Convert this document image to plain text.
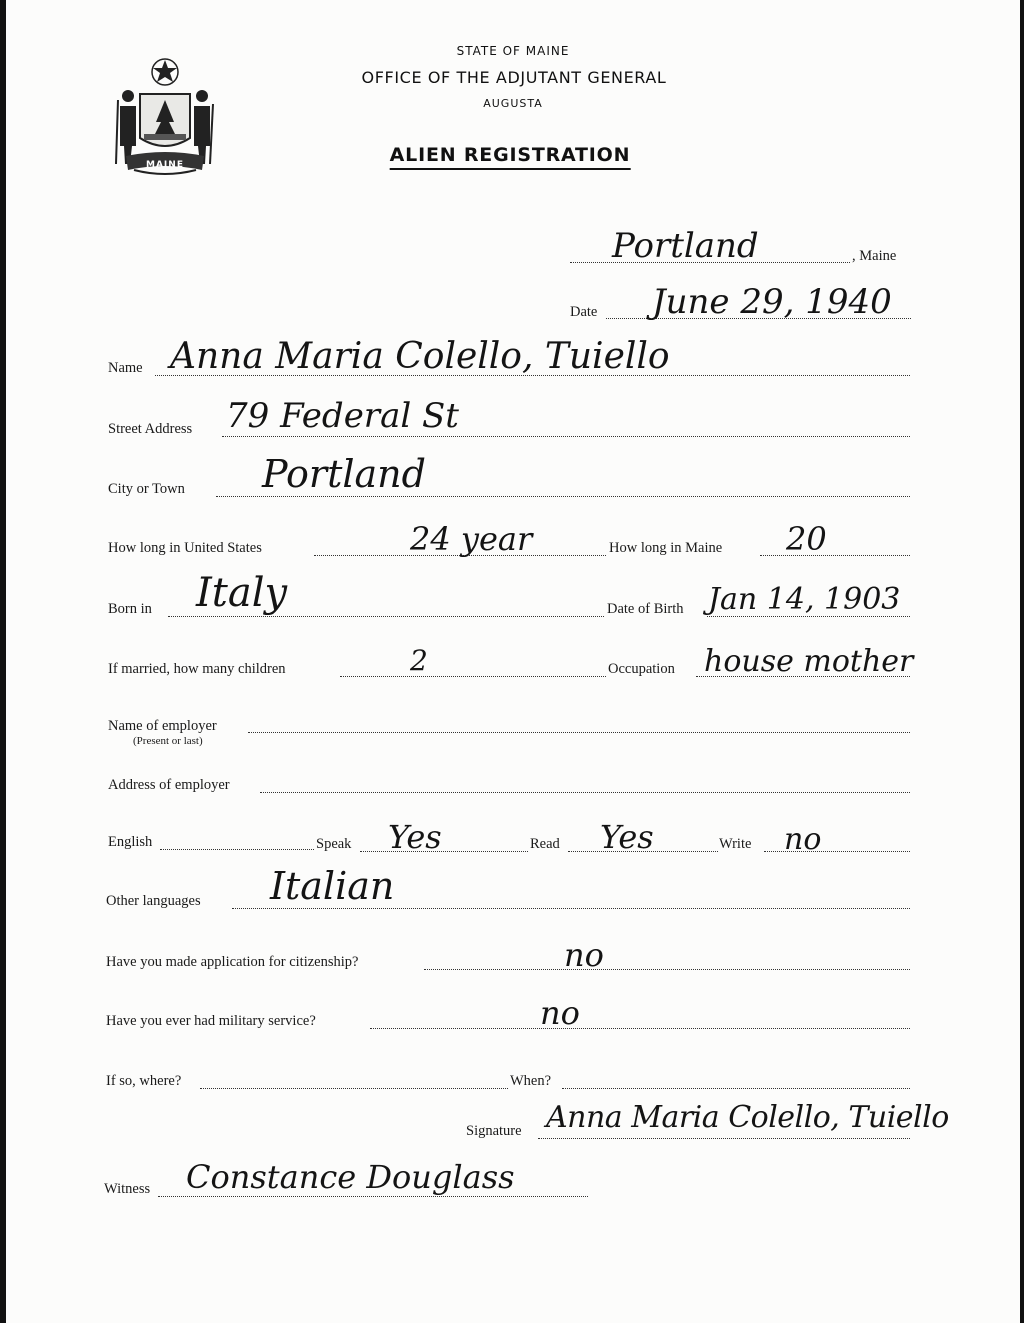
MAINE
STATE OF MAINE
OFFICE OF THE ADJUTANT GENERAL
AUGUSTA
ALIEN REGISTRATION
Portland	, Maine
Date June 29, 1940
Name Anna Maria Colello, Tuiello
Street Address 79 Federal St
City or Town Portland
How long in United States	24 year	How long in Maine 20
Born in Italy	Date of Birth Jan 14, 1903
If married, how many children	2	Occupation house mother
Name of employer
(Present or last)
Address of employer
English	Speak Yes	Read Yes	Write no
Other languages Italian
Have you made application for citizenship?	no
Have you ever had military service?	no
If so, where?	When?
Signature Anna Maria Colello, Tuiello
Witness Constance Douglass
